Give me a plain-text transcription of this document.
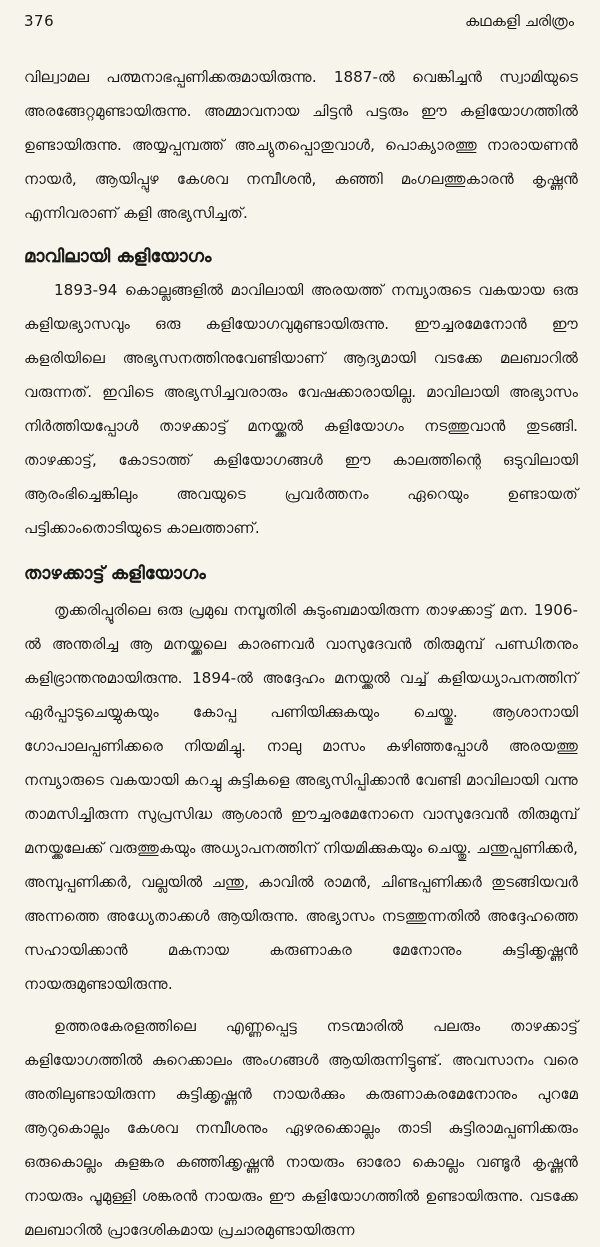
376	കഥകളി ചരിത്രം

വില്വാമല പത്മനാഭപ്പണിക്കരുമായിരുന്നു. 1887-ൽ വെങ്കിച്ചൻ സ്വാമിയുടെ അരങ്ങേറ്റമുണ്ടായിരുന്നു. അമ്മാവനായ ചിട്ടൻ പട്ടരും ഈ കളിയോഗത്തിൽ ഉണ്ടായിരുന്നു. അയ്യപ്പമ്പത്ത് അച്യുതപ്പൊതുവാൾ, പൊക്യാരത്തു നാരായണൻ നായർ, ആയിപ്പുഴ കേശവ നമ്പീശൻ, കഞ്ഞി മംഗലത്തുകാരൻ കൃഷ്ണൻ എന്നിവരാണ് കളി അഭ്യസിച്ചത്.

മാവിലായി കളിയോഗം

1893-94 കൊല്ലങ്ങളിൽ മാവിലായി അരയത്ത് നമ്പ്യാരുടെ വകയായ ഒരു കളിയഭ്യാസവും ഒരു കളിയോഗവുമുണ്ടായിരുന്നു. ഈച്ചരമേനോൻ ഈ കളരിയിലെ അഭ്യസനത്തിനുവേണ്ടിയാണ് ആദ്യമായി വടക്കേ മലബാറിൽ വരുന്നത്. ഇവിടെ അഭ്യസിച്ചവരാരും വേഷക്കാരായില്ല. മാവിലായി അഭ്യാസം നിർത്തിയപ്പോൾ താഴക്കാട്ട് മനയ്ക്കൽ കളിയോഗം നടത്തുവാൻ തുടങ്ങി. താഴക്കാട്ട്, കോടാത്ത് കളിയോഗങ്ങൾ ഈ കാലത്തിന്റെ ഒടുവിലായി ആരംഭിച്ചെങ്കിലും അവയുടെ പ്രവർത്തനം ഏറെയും ഉണ്ടായത് പട്ടിക്കാംതൊടിയുടെ കാലത്താണ്.

താഴക്കാട്ട് കളിയോഗം

തൃക്കരിപ്പൂരിലെ ഒരു പ്രമുഖ നമ്പൂതിരി കുടുംബമായിരുന്ന താഴക്കാട്ട് മന. 1906-ൽ അന്തരിച്ച ആ മനയ്ക്കലെ കാരണവർ വാസുദേവൻ തിരുമുമ്പ് പണ്ഡിതനും കളിഭ്രാന്തനുമായിരുന്നു. 1894-ൽ അദ്ദേഹം മനയ്ക്കൽ വച്ച് കളിയധ്യാപനത്തിന് ഏർപ്പാടുചെയ്യുകയും കോപ്പ പണിയിക്കുകയും ചെയ്തു. ആശാനായി ഗോപാലപ്പണിക്കരെ നിയമിച്ചു. നാലു മാസം കഴിഞ്ഞപ്പോൾ അരയത്തു നമ്പ്യാരുടെ വകയായി കറച്ചു കുട്ടികളെ അഭ്യസിപ്പിക്കാൻ വേണ്ടി മാവിലായി വന്നു താമസിച്ചിരുന്ന സുപ്രസിദ്ധ ആശാൻ ഈച്ചരമേനോനെ വാസുദേവൻ തിരുമുമ്പ് മനയ്ക്കലേക്ക് വരുത്തുകയും അധ്യാപനത്തിന് നിയമിക്കുകയും ചെയ്തു. ചന്തുപ്പണിക്കർ, അമ്പുപ്പണിക്കർ, വല്ലയിൽ ചന്തു, കാവിൽ രാമൻ, ചിണ്ടപ്പണിക്കർ തുടങ്ങിയവർ അന്നത്തെ അധ്യേതാക്കൾ ആയിരുന്നു. അഭ്യാസം നടത്തുന്നതിൽ അദ്ദേഹത്തെ സഹായിക്കാൻ മകനായ കരുണാകര മേനോനും കുട്ടിക്കൃഷ്ണൻ നായരുമുണ്ടായിരുന്നു.

ഉത്തരകേരളത്തിലെ എണ്ണപ്പെട്ട നടന്മാരിൽ പലരും താഴക്കാട്ട് കളിയോഗത്തിൽ കുറെക്കാലം അംഗങ്ങൾ ആയിരുന്നിട്ടുണ്ട്. അവസാനം വരെ അതിലുണ്ടായിരുന്ന കുട്ടിക്കൃഷ്ണൻ നായർക്കും കരുണാകരമേനോനും പുറമേ ആറുകൊല്ലം കേശവ നമ്പീശനും ഏഴരക്കൊല്ലം താടി കുട്ടിരാമപ്പണിക്കരും ഒരുകൊല്ലം കുളങ്കര കഞ്ഞിക്കൃഷ്ണൻ നായരും ഓരോ കൊല്ലം വണ്ടൂർ കൃഷ്ണൻ നായരും പൂമുള്ളി ശങ്കരൻ നായരും ഈ കളിയോഗത്തിൽ ഉണ്ടായിരുന്നു. വടക്കേ മലബാറിൽ പ്രാദേശികമായ പ്രചാരമുണ്ടായിരുന്ന
